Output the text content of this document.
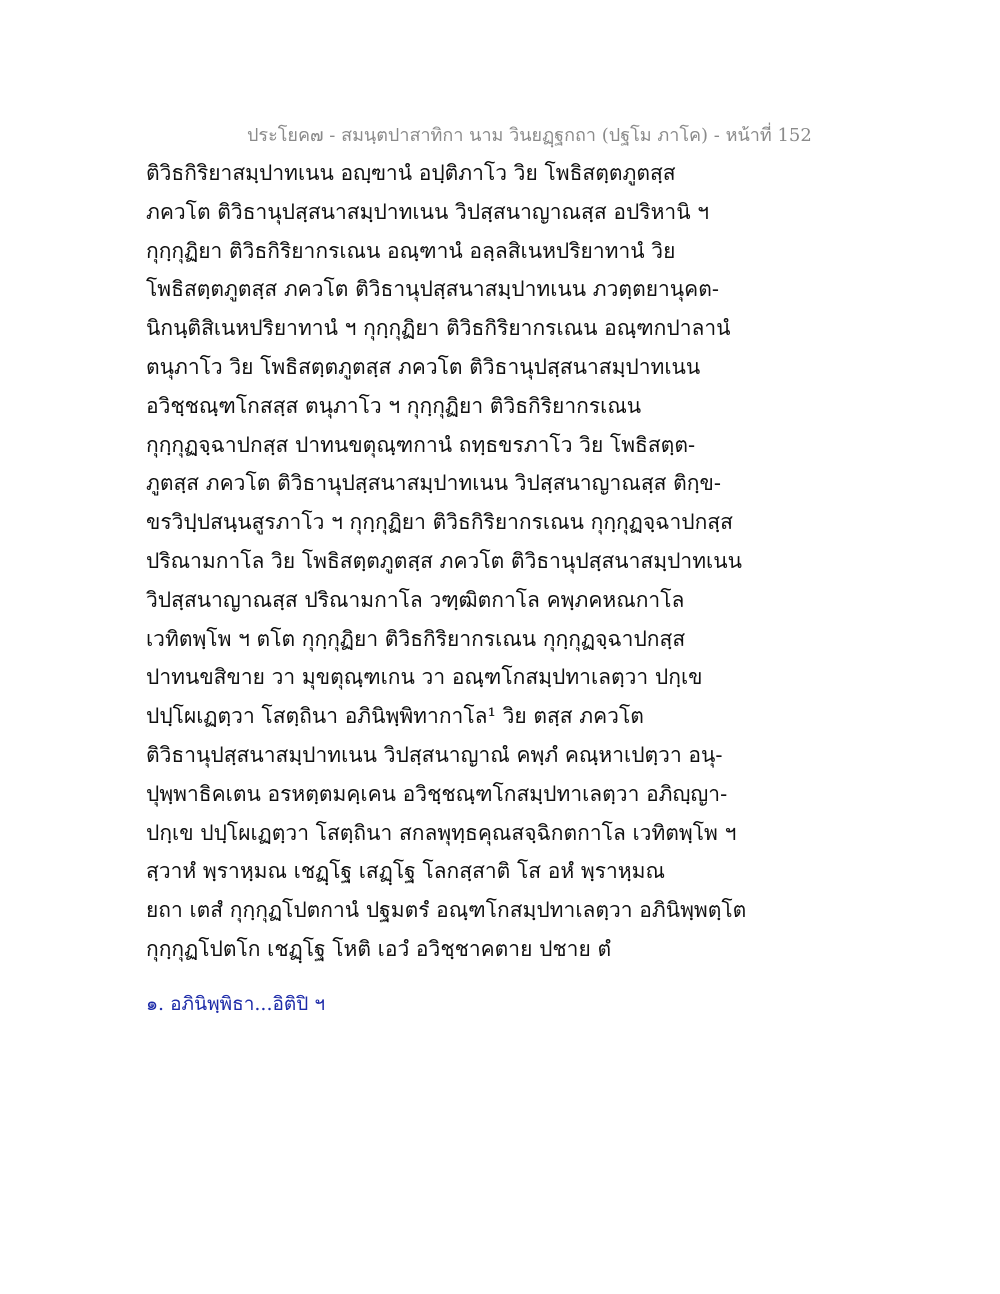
ประโยค๗ - สมนฺตปาสาทิกา นาม วินยฏฺฐกถา (ปฐโม ภาโค) - หน้าที่ 152
ติวิธกิริยาสมฺปาทเนน อญฺฃานํ อปฺติภาโว วิย โพธิสตฺตภูตสฺส
ภควโต ติวิธานุปสฺสนาสมฺปาทเนน วิปสฺสนาญาณสฺส อปริหานิ ฯ
กุกฺกุฏิยา ติวิธกิริยากรเณน อณฺฑานํ อลฺลสิเนหปริยาทานํ วิย
โพธิสตฺตภูตสฺส ภควโต ติวิธานุปสฺสนาสมฺปาทเนน ภวตฺตยานุคต-
นิกนฺติสิเนหปริยาทานํ ฯ กุกฺกุฏิยา ติวิธกิริยากรเณน อณฺฑกปาลานํ
ตนุภาโว วิย โพธิสตฺตภูตสฺส ภควโต ติวิธานุปสฺสนาสมฺปาทเนน
อวิชฺชณฺฑโกสสฺส ตนุภาโว ฯ กุกฺกุฏิยา ติวิธกิริยากรเณน
กุกฺกุฏจฺฉาปกสฺส ปาทนขตุณฺฑกานํ ถทฺธขรภาโว วิย โพธิสตฺต-
ภูตสฺส ภควโต ติวิธานุปสฺสนาสมฺปาทเนน วิปสฺสนาญาณสฺส ติกฺข-
ขรวิปฺปสนฺนสูรภาโว ฯ กุกฺกุฏิยา ติวิธกิริยากรเณน กุกฺกุฏจฺฉาปกสฺส
ปริณามกาโล วิย โพธิสตฺตภูตสฺส ภควโต ติวิธานุปสฺสนาสมฺปาทเนน
วิปสฺสนาญาณสฺส ปริณามกาโล วฑฺฒิตกาโล คพฺภคหณกาโล
เวทิตพฺโพ ฯ ตโต กุกฺกุฏิยา ติวิธกิริยากรเณน กุกฺกุฏจฺฉาปกสฺส
ปาทนขสิขาย วา มุขตุณฺฑเกน วา อณฺฑโกสมฺปทาเลตฺวา ปกฺเข
ปปฺโผเฏตฺวา โสตฺถินา อภินิพฺพิทากาโล¹ วิย ตสฺส ภควโต
ติวิธานุปสฺสนาสมฺปาทเนน วิปสฺสนาญาณํ คพฺภํ คณฺหาเปตฺวา อนุ-
ปุพฺพาธิคเตน อรหตฺตมคฺเคน อวิชฺชณฺฑโกสมฺปทาเลตฺวา อภิญฺญา-
ปกฺเข ปปฺโผเฏตฺวา โสตฺถินา สกลพุทฺธคุณสจฺฉิกตกาโล เวทิตพฺโพ ฯ
สฺวาหํ พฺราหฺมณ เชฏฺโฐ เสฏฺโฐ โลกสฺสาติ โส อหํ พฺราหฺมณ
ยถา เตสํ กุกฺกุฏโปตกานํ ปฐมตรํ อณฺฑโกสมฺปทาเลตฺวา อภินิพฺพตฺโต
กุกฺกุฏโปตโก เชฏฺโฐ โหติ เอวํ อวิชฺชาคตาย ปชาย ตํ
๑. อภินิพฺพิธา...อิติปิ ฯ
